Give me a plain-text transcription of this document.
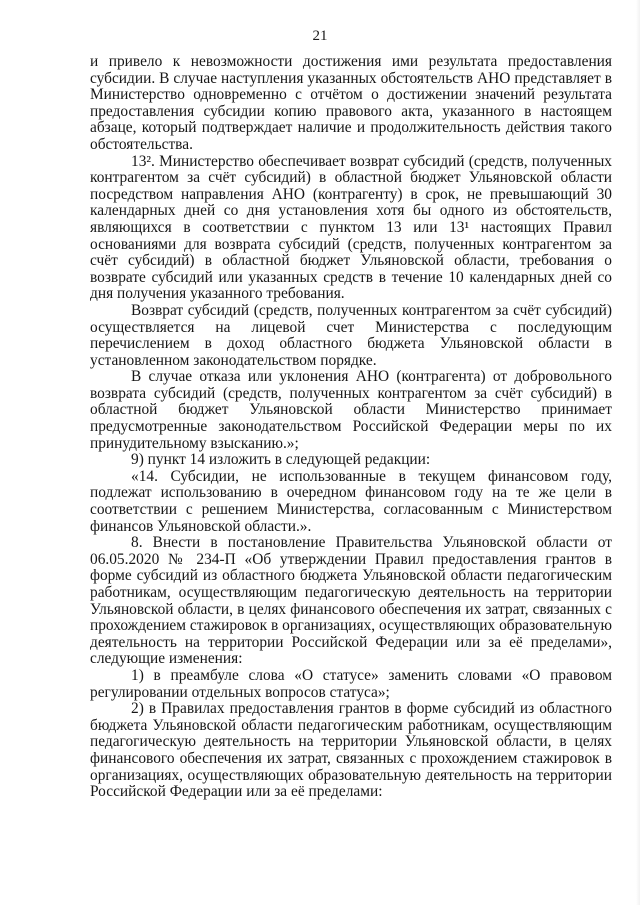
21

и привело к невозможности достижения ими результата предоставления субсидии. В случае наступления указанных обстоятельств АНО представляет в Министерство одновременно с отчётом о достижении значений результата предоставления субсидии копию правового акта, указанного в настоящем абзаце, который подтверждает наличие и продолжительность действия такого обстоятельства.

13². Министерство обеспечивает возврат субсидий (средств, полученных контрагентом за счёт субсидий) в областной бюджет Ульяновской области посредством направления АНО (контрагенту) в срок, не превышающий 30 календарных дней со дня установления хотя бы одного из обстоятельств, являющихся в соответствии с пунктом 13 или 13¹ настоящих Правил основаниями для возврата субсидий (средств, полученных контрагентом за счёт субсидий) в областной бюджет Ульяновской области, требования о возврате субсидий или указанных средств в течение 10 календарных дней со дня получения указанного требования.

Возврат субсидий (средств, полученных контрагентом за счёт субсидий) осуществляется на лицевой счет Министерства с последующим перечислением в доход областного бюджета Ульяновской области в установленном законодательством порядке.

В случае отказа или уклонения АНО (контрагента) от добровольного возврата субсидий (средств, полученных контрагентом за счёт субсидий) в областной бюджет Ульяновской области Министерство принимает предусмотренные законодательством Российской Федерации меры по их принудительному взысканию.»;

9) пункт 14 изложить в следующей редакции:

«14. Субсидии, не использованные в текущем финансовом году, подлежат использованию в очередном финансовом году на те же цели в соответствии с решением Министерства, согласованным с Министерством финансов Ульяновской области.».

8. Внести в постановление Правительства Ульяновской области от 06.05.2020 № 234-П «Об утверждении Правил предоставления грантов в форме субсидий из областного бюджета Ульяновской области педагогическим работникам, осуществляющим педагогическую деятельность на территории Ульяновской области, в целях финансового обеспечения их затрат, связанных с прохождением стажировок в организациях, осуществляющих образовательную деятельность на территории Российской Федерации или за её пределами», следующие изменения:

1) в преамбуле слова «О статусе» заменить словами «О правовом регулировании отдельных вопросов статуса»;

2) в Правилах предоставления грантов в форме субсидий из областного бюджета Ульяновской области педагогическим работникам, осуществляющим педагогическую деятельность на территории Ульяновской области, в целях финансового обеспечения их затрат, связанных с прохождением стажировок в организациях, осуществляющих образовательную деятельность на территории Российской Федерации или за её пределами:
